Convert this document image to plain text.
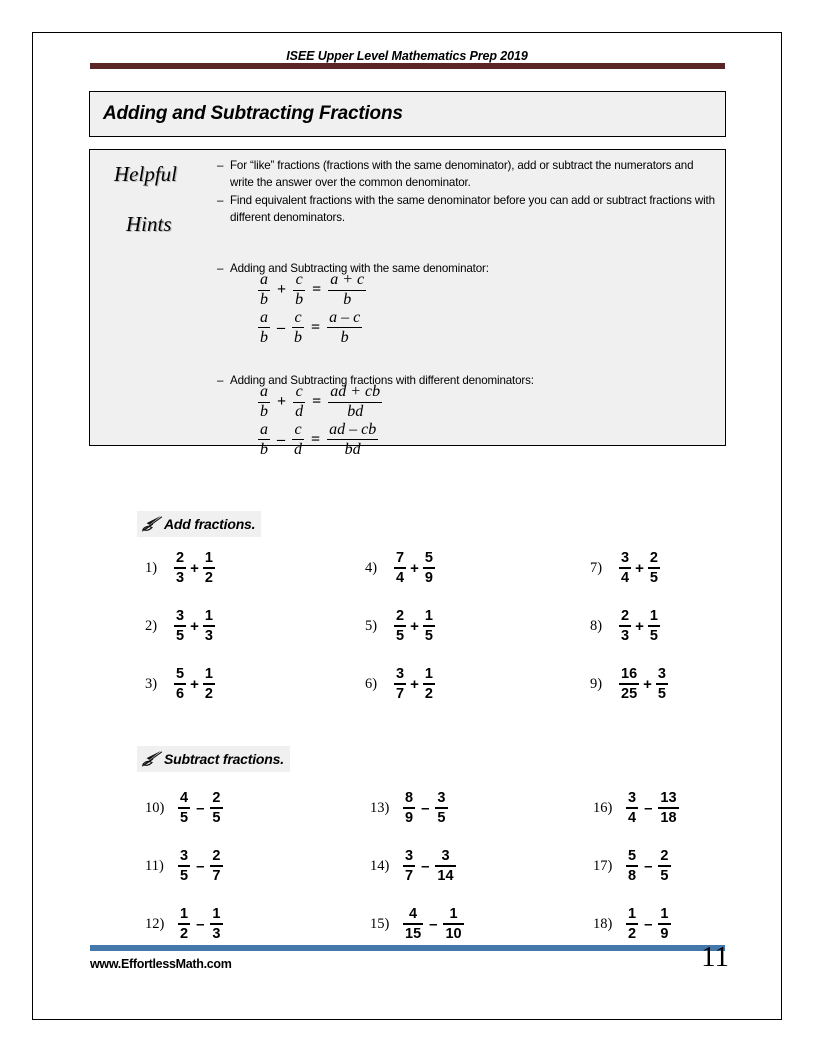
ISEE Upper Level Mathematics Prep 2019
Adding and Subtracting Fractions
Helpful
Hints
– For “like” fractions (fractions with the same denominator), add or subtract the numerators and write the answer over the common denominator.
– Find equivalent fractions with the same denominator before you can add or subtract fractions with different denominators.
– Adding and Subtracting with the same denominator:
$\frac{a}{b} + \frac{c}{b} = \frac{a + c}{b}$
$\frac{a}{b} - \frac{c}{b} = \frac{a - c}{b}$
– Adding and Subtracting fractions with different denominators:
$\frac{a}{b} + \frac{c}{d} = \frac{ad + cb}{bd}$
$\frac{a}{b} - \frac{c}{d} = \frac{ad - cb}{bd}$
Add fractions.
1)	$\frac{2}{3} + \frac{1}{2}$	4)	$\frac{7}{4} + \frac{5}{9}$	7)	$\frac{3}{4} + \frac{2}{5}$
2)	$\frac{3}{5} + \frac{1}{3}$	5)	$\frac{2}{5} + \frac{1}{5}$	8)	$\frac{2}{3} + \frac{1}{5}$
3)	$\frac{5}{6} + \frac{1}{2}$	6)	$\frac{3}{7} + \frac{1}{2}$	9)	$\frac{16}{25} + \frac{3}{5}$
Subtract fractions.
$10) \frac{4}{5} - \frac{2}{5}$	$13) \frac{8}{9} - \frac{3}{5}$	$16) \frac{3}{4} - \frac{13}{18}$
$11) \frac{3}{5} - \frac{2}{7}$	$14) \frac{3}{7} - \frac{3}{14}$	$17) \frac{5}{8} - \frac{2}{5}$
$12) \frac{1}{2} - \frac{1}{3}$	$15) \frac{4}{15} - \frac{1}{10}$	$18) \frac{1}{2} - \frac{1}{9}$
www.EffortlessMath.com	11
